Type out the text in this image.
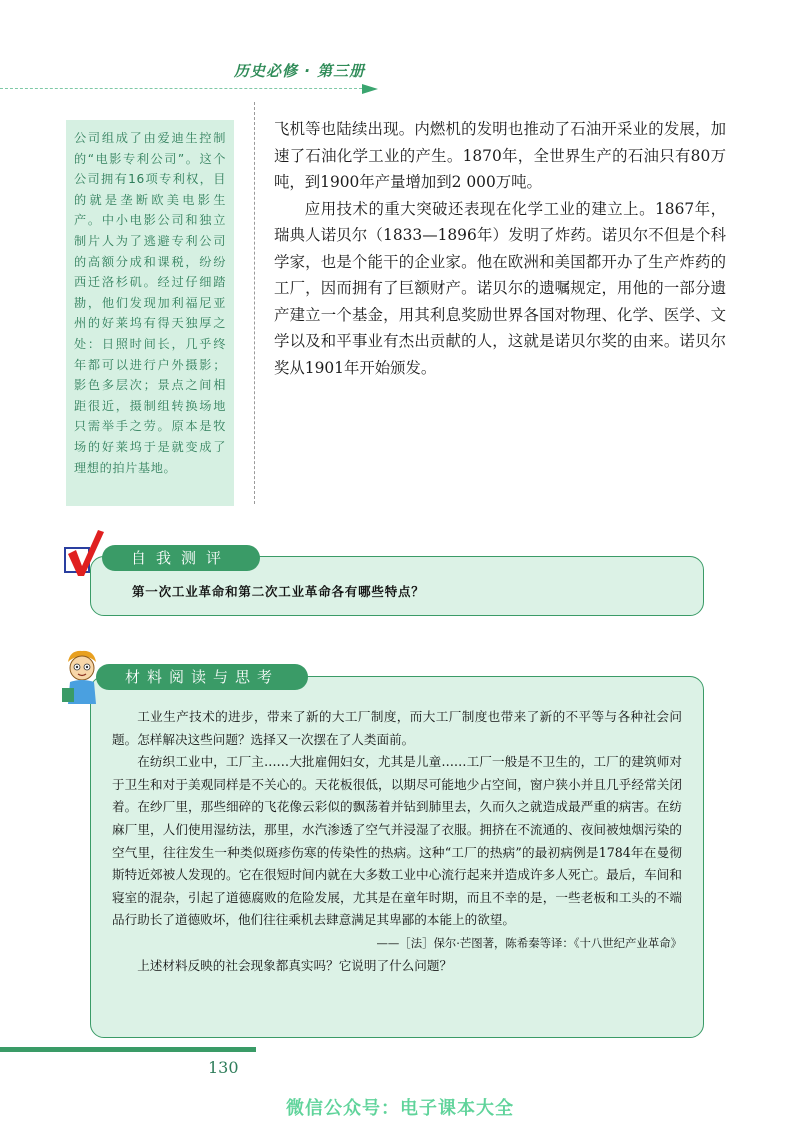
历史必修 · 第三册
公司组成了由爱迪生控制的“电影专利公司”。这个公司拥有16项专利权，目的就是垄断欧美电影生产。中小电影公司和独立制片人为了逃避专利公司的高额分成和课税，纷纷西迁洛杉矶。经过仔细踏勘，他们发现加利福尼亚州的好莱坞有得天独厚之处：日照时间长，几乎终年都可以进行户外摄影；影色多层次；景点之间相距很近，摄制组转换场地只需举手之劳。原本是牧场的好莱坞于是就变成了理想的拍片基地。

飞机等也陆续出现。内燃机的发明也推动了石油开采业的发展，加速了石油化学工业的产生。1870年，全世界生产的石油只有80万吨，到1900年产量增加到2 000万吨。

应用技术的重大突破还表现在化学工业的建立上。1867年，瑞典人诺贝尔（1833—1896年）发明了炸药。诺贝尔不但是个科学家，也是个能干的企业家。他在欧洲和美国都开办了生产炸药的工厂，因而拥有了巨额财产。诺贝尔的遗嘱规定，用他的一部分遗产建立一个基金，用其利息奖励世界各国对物理、化学、医学、文学以及和平事业有杰出贡献的人，这就是诺贝尔奖的由来。诺贝尔奖从1901年开始颁发。

自我测评
第一次工业革命和第二次工业革命各有哪些特点？
材料阅读与思考

工业生产技术的进步，带来了新的大工厂制度，而大工厂制度也带来了新的不平等与各种社会问题。怎样解决这些问题？选择又一次摆在了人类面前。

在纺织工业中，工厂主……大批雇佣妇女，尤其是儿童……工厂一般是不卫生的，工厂的建筑师对于卫生和对于美观同样是不关心的。天花板很低，以期尽可能地少占空间，窗户狭小并且几乎经常关闭着。在纱厂里，那些细碎的飞花像云彩似的飘荡着并钻到肺里去，久而久之就造成最严重的病害。在纺麻厂里，人们使用湿纺法，那里，水汽渗透了空气并浸湿了衣服。拥挤在不流通的、夜间被烛烟污染的空气里，往往发生一种类似斑疹伤寒的传染性的热病。这种“工厂的热病”的最初病例是1784年在曼彻斯特近郊被人发现的。它在很短时间内就在大多数工业中心流行起来并造成许多人死亡。最后，车间和寝室的混杂，引起了道德腐败的危险发展，尤其是在童年时期，而且不幸的是，一些老板和工头的不端品行助长了道德败坏，他们往往乘机去肆意满足其卑鄙的本能上的欲望。

——［法］保尔·芒图著，陈希秦等译：《十八世纪产业革命》

上述材料反映的社会现象都真实吗？它说明了什么问题？

130
微信公众号：电子课本大全
